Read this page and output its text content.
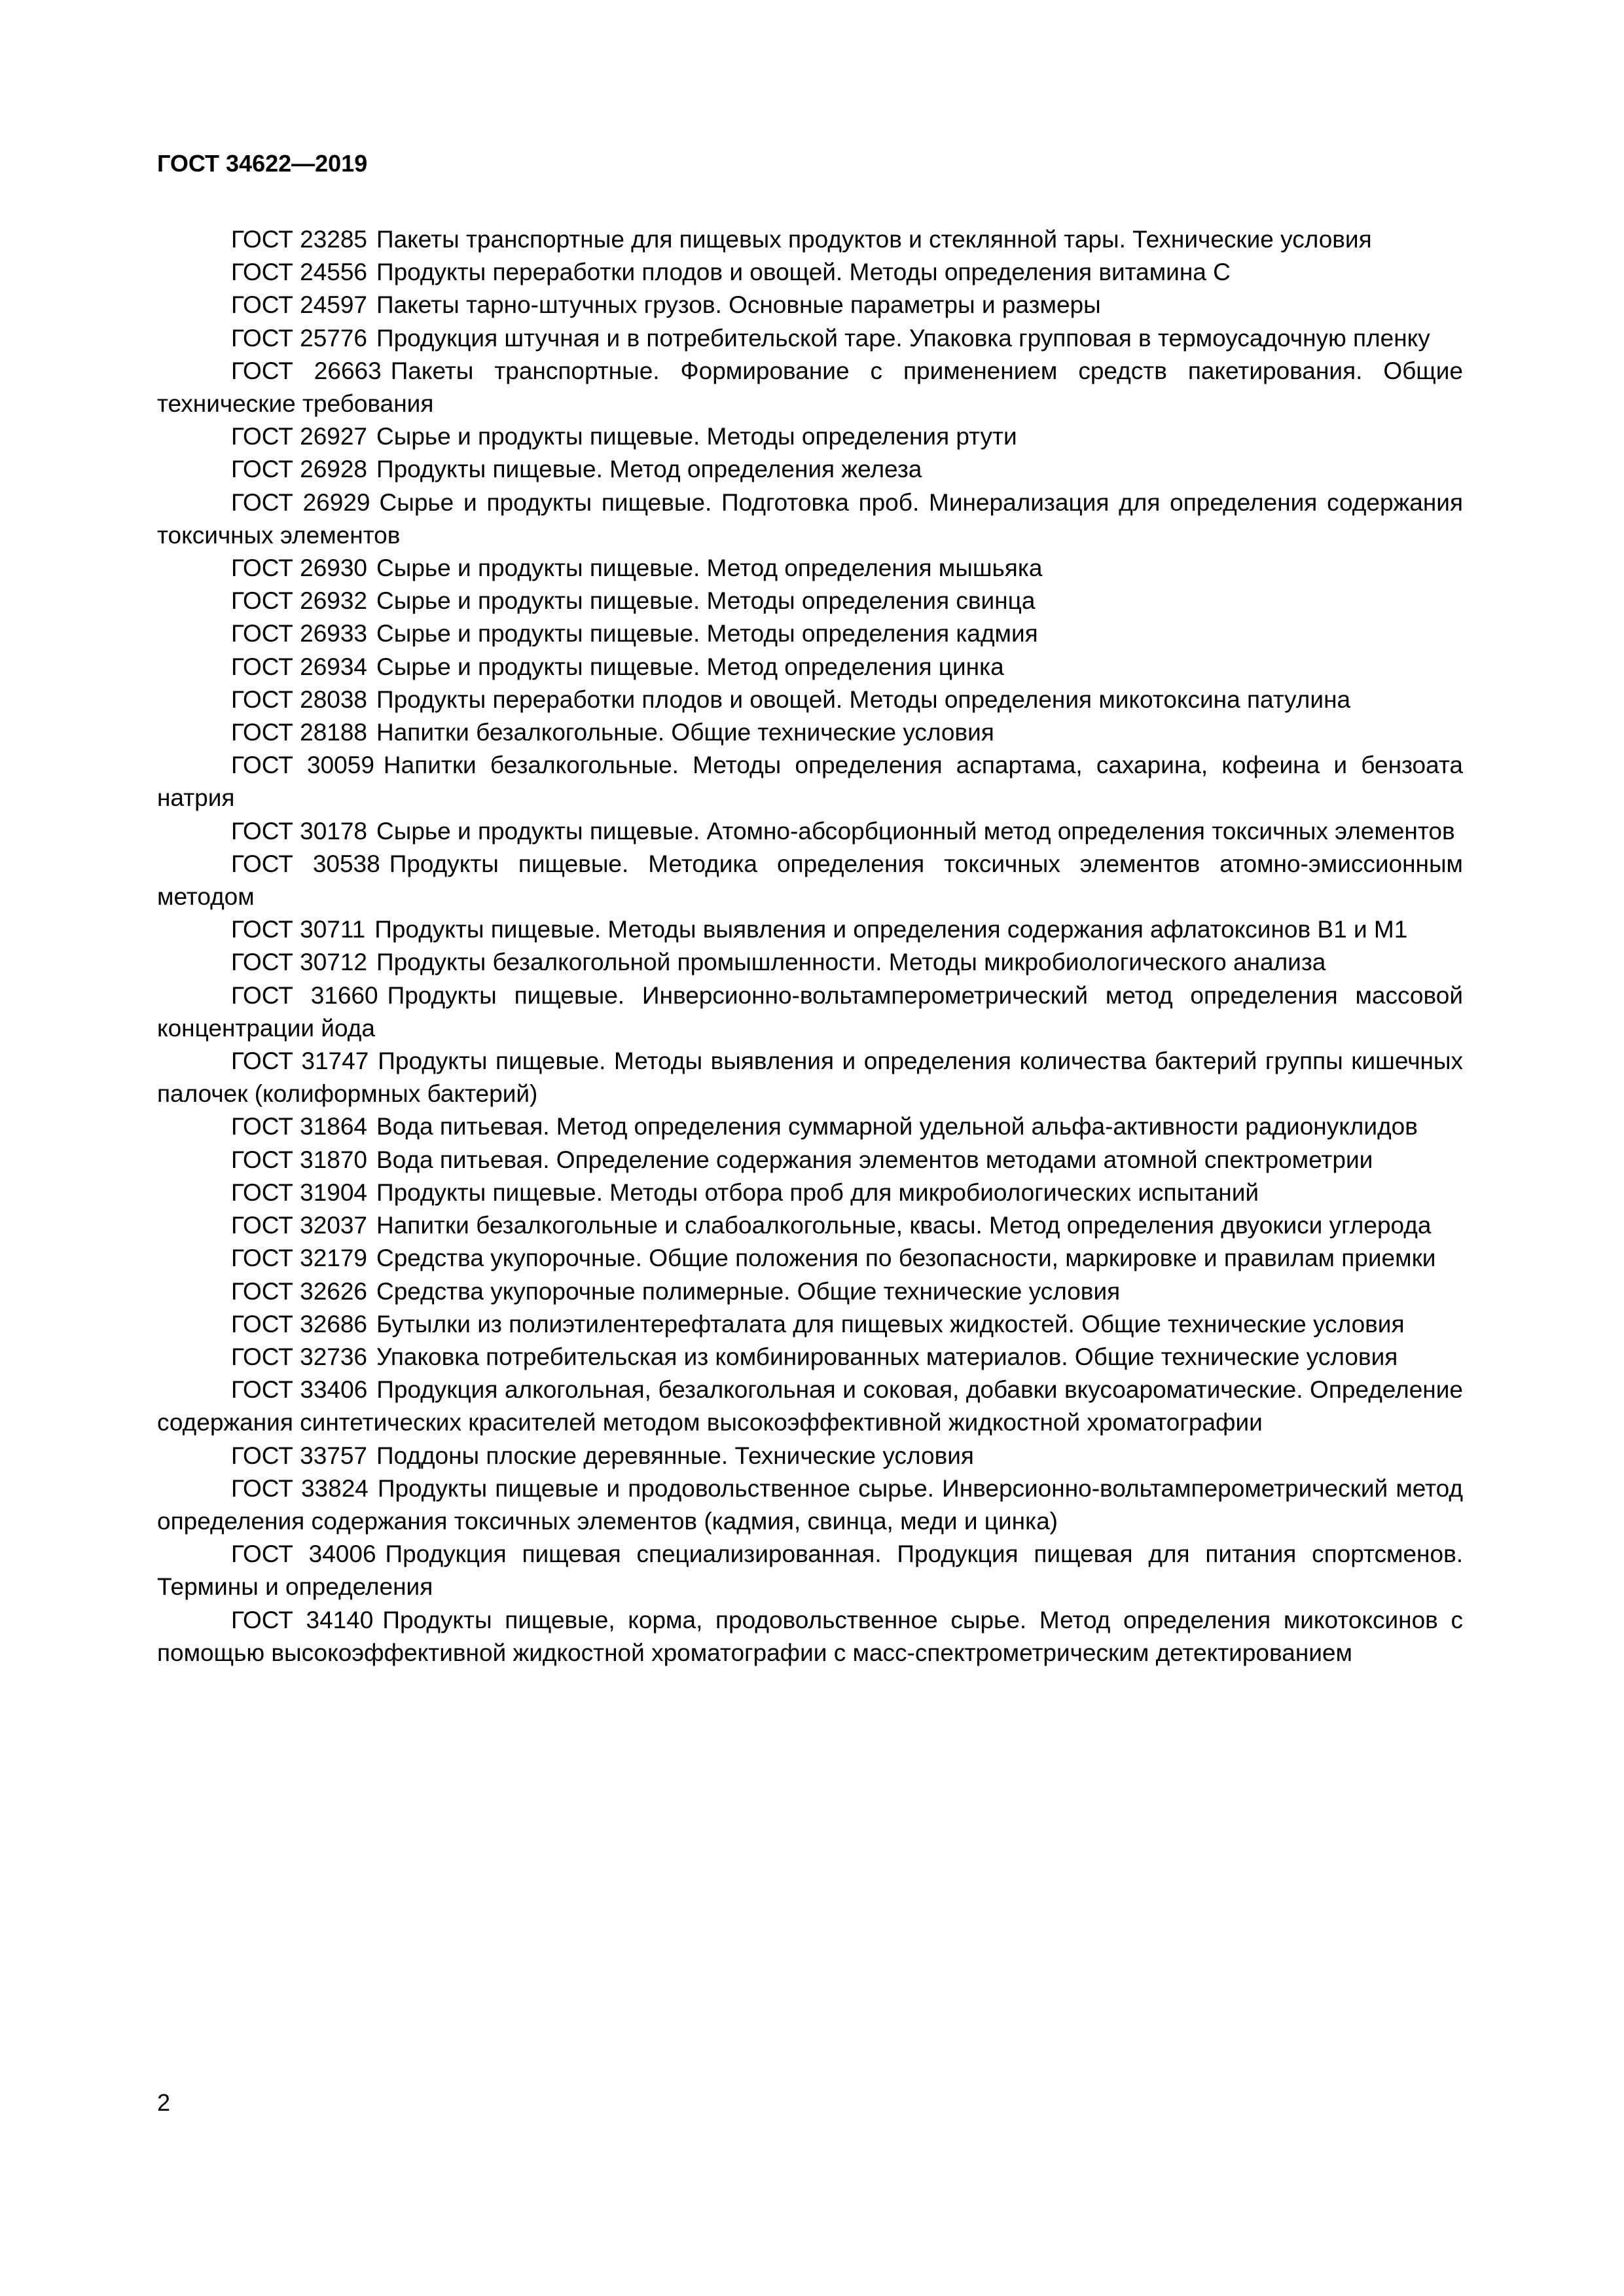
ГОСТ 34622—2019

ГОСТ 23285 Пакеты транспортные для пищевых продуктов и стеклянной тары. Технические условия

ГОСТ 24556 Продукты переработки плодов и овощей. Методы определения витамина С

ГОСТ 24597 Пакеты тарно-штучных грузов. Основные параметры и размеры

ГОСТ 25776 Продукция штучная и в потребительской таре. Упаковка групповая в термоусадочную пленку

ГОСТ 26663 Пакеты транспортные. Формирование с применением средств пакетирования. Общие технические требования

ГОСТ 26927 Сырье и продукты пищевые. Методы определения ртути

ГОСТ 26928 Продукты пищевые. Метод определения железа

ГОСТ 26929 Сырье и продукты пищевые. Подготовка проб. Минерализация для определения содержания токсичных элементов

ГОСТ 26930 Сырье и продукты пищевые. Метод определения мышьяка

ГОСТ 26932 Сырье и продукты пищевые. Методы определения свинца

ГОСТ 26933 Сырье и продукты пищевые. Методы определения кадмия

ГОСТ 26934 Сырье и продукты пищевые. Метод определения цинка

ГОСТ 28038 Продукты переработки плодов и овощей. Методы определения микотоксина патулина

ГОСТ 28188 Напитки безалкогольные. Общие технические условия

ГОСТ 30059 Напитки безалкогольные. Методы определения аспартама, сахарина, кофеина и бензоата натрия

ГОСТ 30178 Сырье и продукты пищевые. Атомно-абсорбционный метод определения токсичных элементов

ГОСТ 30538 Продукты пищевые. Методика определения токсичных элементов атомно-эмиссионным методом

ГОСТ 30711 Продукты пищевые. Методы выявления и определения содержания афлатоксинов В1 и М1

ГОСТ 30712 Продукты безалкогольной промышленности. Методы микробиологического анализа

ГОСТ 31660 Продукты пищевые. Инверсионно-вольтамперометрический метод определения массовой концентрации йода

ГОСТ 31747 Продукты пищевые. Методы выявления и определения количества бактерий группы кишечных палочек (колиформных бактерий)

ГОСТ 31864 Вода питьевая. Метод определения суммарной удельной альфа-активности радионуклидов

ГОСТ 31870 Вода питьевая. Определение содержания элементов методами атомной спектрометрии

ГОСТ 31904 Продукты пищевые. Методы отбора проб для микробиологических испытаний

ГОСТ 32037 Напитки безалкогольные и слабоалкогольные, квасы. Метод определения двуокиси углерода

ГОСТ 32179 Средства укупорочные. Общие положения по безопасности, маркировке и правилам приемки

ГОСТ 32626 Средства укупорочные полимерные. Общие технические условия

ГОСТ 32686 Бутылки из полиэтилентерефталата для пищевых жидкостей. Общие технические условия

ГОСТ 32736 Упаковка потребительская из комбинированных материалов. Общие технические условия

ГОСТ 33406 Продукция алкогольная, безалкогольная и соковая, добавки вкусоароматические. Определение содержания синтетических красителей методом высокоэффективной жидкостной хроматографии

ГОСТ 33757 Поддоны плоские деревянные. Технические условия

ГОСТ 33824 Продукты пищевые и продовольственное сырье. Инверсионно-вольтамперометрический метод определения содержания токсичных элементов (кадмия, свинца, меди и цинка)

ГОСТ 34006 Продукция пищевая специализированная. Продукция пищевая для питания спортсменов. Термины и определения

ГОСТ 34140 Продукты пищевые, корма, продовольственное сырье. Метод определения микотоксинов с помощью высокоэффективной жидкостной хроматографии с масс-спектрометрическим детектированием

2
